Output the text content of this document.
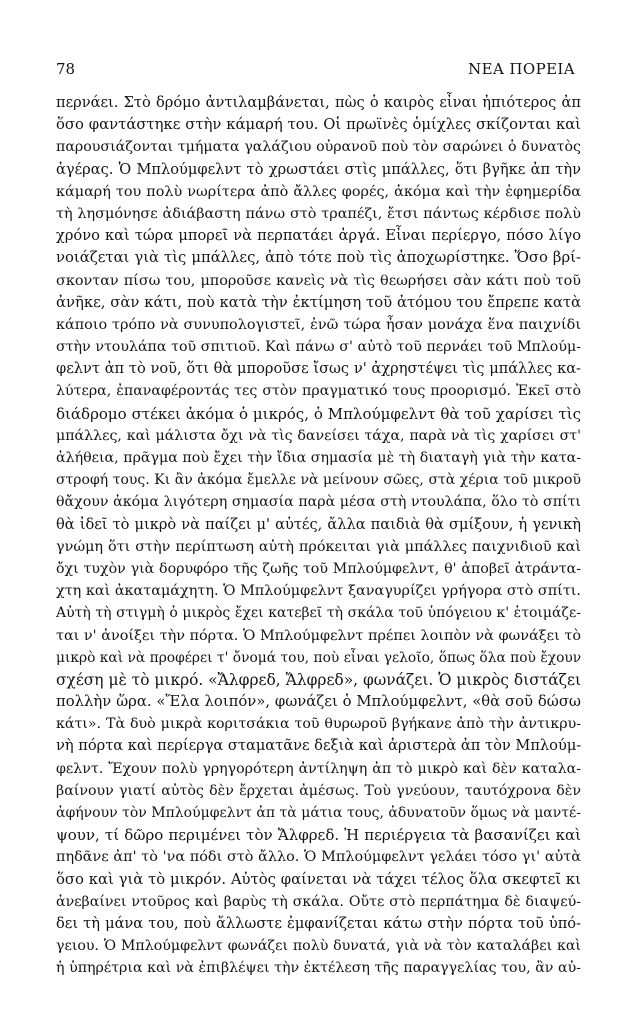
78	ΝΕΑ ΠΟΡΕΙΑ
περνάει. Στὸ δρόμο ἀντιλαμβάνεται, πὼς ὁ καιρὸς εἶναι ἠπιότερος ἀπ
ὅσο φαντάστηκε στὴν κάμαρή του. Οἱ πρωϊνὲς ὁμίχλες σκίζονται καὶ
παρουσιάζονται τμήματα γαλάζιου οὐρανοῦ ποὺ τὸν σαρώνει ὁ δυνατὸς
ἀγέρας. Ὁ Μπλούμφελντ τὸ χρωστάει στὶς μπάλλες, ὅτι βγῆκε ἀπ τὴν
κάμαρή του πολὺ νωρίτερα ἀπὸ ἄλλες φορές, ἀκόμα καὶ τὴν ἐφημερίδα
τὴ λησμόνησε ἀδιάβαστη πάνω στὸ τραπέζι, ἔτσι πάντως κέρδισε πολὺ
χρόνο καὶ τώρα μπορεῖ νὰ περπατάει ἀργά. Εἶναι περίεργο, πόσο λίγο
νοιάζεται γιὰ τὶς μπάλλες, ἀπὸ τότε ποὺ τὶς ἀποχωρίστηκε. Ὅσο βρί-
σκονταν πίσω του, μποροῦσε κανεὶς νὰ τὶς θεωρήσει σὰν κάτι ποὺ τοῦ
ἀνῆκε, σὰν κάτι, ποὺ κατὰ τὴν ἐκτίμηση τοῦ ἀτόμου του ἔπρεπε κατὰ
κάποιο τρόπο νὰ συνυπολογιστεῖ, ἐνῶ τώρα ἦσαν μονάχα ἕνα παιχνίδι
στὴν ντουλάπα τοῦ σπιτιοῦ. Καὶ πάνω σ' αὐτὸ τοῦ περνάει τοῦ Μπλούμ-
φελντ ἀπ τὸ νοῦ, ὅτι θὰ μποροῦσε ἴσως ν' ἀχρηστέψει τὶς μπάλλες κα-
λύτερα, ἐπαναφέροντάς τες στὸν πραγματικό τους προορισμό. Ἐκεῖ στὸ
διάδρομο στέκει ἀκόμα ὁ μικρός, ὁ Μπλούμφελντ θὰ τοῦ χαρίσει τὶς
μπάλλες, καὶ μάλιστα ὄχι νὰ τὶς δανείσει τάχα, παρὰ νὰ τὶς χαρίσει στ'
ἀλήθεια, πρᾶγμα ποὺ ἔχει τὴν ἴδια σημασία μὲ τὴ διαταγὴ γιὰ τὴν κατα-
στροφή τους. Κι ἂν ἀκόμα ἔμελλε νὰ μείνουν σῶες, στὰ χέρια τοῦ μικροῦ
θἄχουν ἀκόμα λιγότερη σημασία παρὰ μέσα στὴ ντουλάπα, ὅλο τὸ σπίτι
θὰ ἰδεῖ τὸ μικρὸ νὰ παίζει μ' αὐτές, ἄλλα παιδιὰ θὰ σμίξουν, ἡ γενικὴ
γνώμη ὅτι στὴν περίπτωση αὐτὴ πρόκειται γιὰ μπάλλες παιχνιδιοῦ καὶ
ὄχι τυχὸν γιὰ δορυφόρο τῆς ζωῆς τοῦ Μπλούμφελντ, θ' ἀποβεῖ ἀτράντα-
χτη καὶ ἀκαταμάχητη. Ὁ Μπλούμφελντ ξαναγυρίζει γρήγορα στὸ σπίτι.
Αὐτὴ τὴ στιγμὴ ὁ μικρὸς ἔχει κατεβεῖ τὴ σκάλα τοῦ ὑπόγειου κ' ἑτοιμάζε-
ται ν' ἀνοίξει τὴν πόρτα. Ὁ Μπλούμφελντ πρέπει λοιπὸν νὰ φωνάξει τὸ
μικρὸ καὶ νὰ προφέρει τ' ὄνομά του, ποὺ εἶναι γελοῖο, ὅπως ὅλα ποὺ ἔχουν
σχέση μὲ τὸ μικρό. «Ἄλφρεδ, Ἄλφρεδ», φωνάζει. Ὁ μικρὸς διστάζει
πολλὴν ὥρα. «Ἔλα λοιπόν», φωνάζει ὁ Μπλούμφελντ, «θὰ σοῦ δώσω
κάτι». Τὰ δυὸ μικρὰ κοριτσάκια τοῦ θυρωροῦ βγήκανε ἀπὸ τὴν ἀντικρυ-
νὴ πόρτα καὶ περίεργα σταματᾶνε δεξιὰ καὶ ἀριστερὰ ἀπ τὸν Μπλούμ-
φελντ. Ἔχουν πολὺ γρηγορότερη ἀντίληψη ἀπ τὸ μικρὸ καὶ δὲν καταλα-
βαίνουν γιατί αὐτὸς δὲν ἔρχεται ἀμέσως. Τοὺ γνεύουν, ταυτόχρονα δὲν
ἀφήνουν τὸν Μπλούμφελντ ἀπ τὰ μάτια τους, ἀδυνατοῦν ὅμως νὰ μαντέ-
ψουν, τί δῶρο περιμένει τὸν Ἄλφρεδ. Ἡ περιέργεια τὰ βασανίζει καὶ
πηδᾶνε ἀπ' τὸ 'να πόδι στὸ ἄλλο. Ὁ Μπλούμφελντ γελάει τόσο γι' αὐτὰ
ὅσο καὶ γιὰ τὸ μικρόν. Αὐτὸς φαίνεται νὰ τάχει τέλος ὅλα σκεφτεῖ κι
ἀνεβαίνει ντοῦρος καὶ βαρὺς τὴ σκάλα. Οὔτε στὸ περπάτημα δὲ διαψεύ-
δει τὴ μάνα του, ποὺ ἄλλωστε ἐμφανίζεται κάτω στὴν πόρτα τοῦ ὑπό-
γειου. Ὁ Μπλούμφελντ φωνάζει πολὺ δυνατά, γιὰ νὰ τὸν καταλάβει καὶ
ἡ ὑπηρέτρια καὶ νὰ ἐπιβλέψει τὴν ἐκτέλεση τῆς παραγγελίας του, ἂν αὐ-
